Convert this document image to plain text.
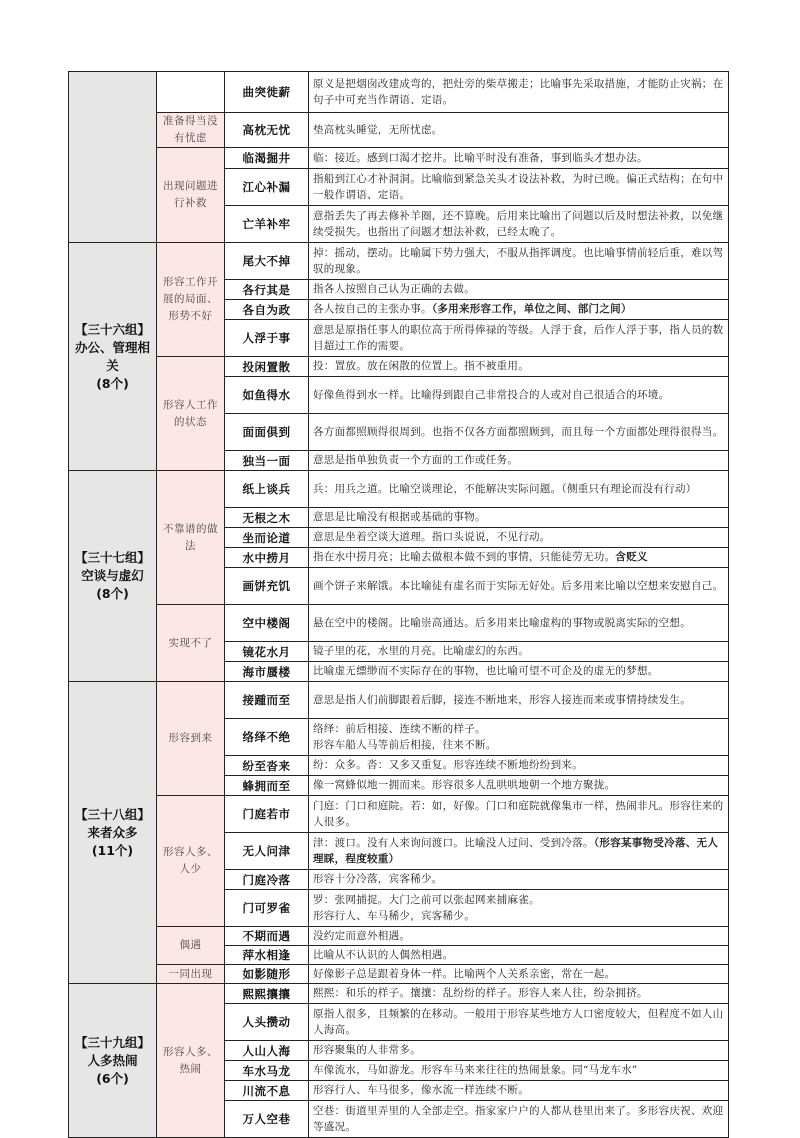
		曲突徙薪	原义是把烟囱改建成弯的，把灶旁的柴草搬走；比喻事先采取措施，才能防止灾祸；在句子中可充当作谓语、定语。
	准备得当没有忧虑	高枕无忧	垫高枕头睡觉，无所忧虑。
	出现问题进行补救	临渴掘井	临：接近。感到口渴才挖井。比喻平时没有准备，事到临头才想办法。
		江心补漏	指船到江心才补洞洞。比喻临到紧急关头才设法补救，为时已晚。偏正式结构；在句中一般作谓语、定语。
		亡羊补牢	意指丢失了再去修补羊圈，还不算晚。后用来比喻出了问题以后及时想法补救，以免继续受损失。也指出了问题才想法补救，已经太晚了。

【三十六组】
办公、管理相关
(8个)	形容工作开展的局面、形势不好	尾大不掉	掉：摇动，摆动。比喻属下势力强大，不服从指挥调度。也比喻事情前轻后重，难以驾驭的现象。
		各行其是	指各人按照自己认为正确的去做。
		各自为政	各人按自己的主张办事。（多用来形容工作，单位之间、部门之间）
		人浮于事	意思是原指任事人的职位高于所得俸禄的等级。人浮于食，后作人浮于事，指人员的数目超过工作的需要。
	形容人工作的状态	投闲置散	投：置放。放在闲散的位置上。指不被重用。
		如鱼得水	好像鱼得到水一样。比喻得到跟自己非常投合的人或对自己很适合的环境。
		面面俱到	各方面都照顾得很周到。也指不仅各方面都照顾到，而且每一个方面都处理得很得当。
		独当一面	意思是指单独负责一个方面的工作或任务。

【三十七组】
空谈与虚幻
(8个)	不靠谱的做法	纸上谈兵	兵：用兵之道。比喻空谈理论，不能解决实际问题。（侧重只有理论而没有行动）
		无根之木	意思是比喻没有根据或基础的事物。
		坐而论道	意思是坐着空谈大道理。指口头说说，不见行动。
		水中捞月	指在水中捞月亮；比喻去做根本做不到的事情，只能徒劳无功。含贬义
		画饼充饥	画个饼子来解饿。本比喻徒有虚名而于实际无好处。后多用来比喻以空想来安慰自己。
	实现不了	空中楼阁	悬在空中的楼阁。比喻崇高通达。后多用来比喻虚构的事物或脱离实际的空想。
		镜花水月	镜子里的花，水里的月亮。比喻虚幻的东西。
		海市蜃楼	比喻虚无缥缈而不实际存在的事物，也比喻可望不可企及的虚无的梦想。

【三十八组】
来者众多
(11个)	形容到来	接踵而至	意思是指人们前脚跟着后脚，接连不断地来，形容人接连而来或事情持续发生。
		络绎不绝	络绎：前后相接、连续不断的样子。
形容车船人马等前后相接，往来不断。

		纷至沓来	纷：众多。沓：又多又重复。形容连续不断地纷纷到来。
		蜂拥而至	像一窝蜂似地一拥而来。形容很多人乱哄哄地朝一个地方聚拢。
	形容人多、人少	门庭若市	门庭：门口和庭院。若：如，好像。门口和庭院就像集市一样，热闹非凡。形容往来的人很多。
		无人问津	津：渡口。没有人来询问渡口。比喻没人过问、受到冷落。（形容某事物受冷落、无人理睬，程度较重）
		门庭冷落	形容十分冷落，宾客稀少。
		门可罗雀	罗：张网捕捉。大门之前可以张起网来捕麻雀。
形容行人、车马稀少，宾客稀少。

	偶遇	不期而遇	没约定而意外相遇。
		萍水相逢	比喻从不认识的人偶然相遇。
	一同出现	如影随形	好像影子总是跟着身体一样。比喻两个人关系亲密，常在一起。

【三十九组】
人多热闹
(6个)	形容人多、热闹	熙熙攘攘	熙熙：和乐的样子。攘攘：乱纷纷的样子。形容人来人往，纷杂拥挤。
		人头攒动	原指人很多，且频繁的在移动。一般用于形容某些地方人口密度较大，但程度不如人山人海高。
		人山人海	形容聚集的人非常多。
		车水马龙	车像流水，马如游龙。形容车马来来往往的热闹景象。同“马龙车水”
		川流不息	形容行人、车马很多，像水流一样连续不断。
		万人空巷	空巷：街道里弄里的人全部走空。指家家户户的人都从巷里出来了。多形容庆祝、欢迎等盛况。
